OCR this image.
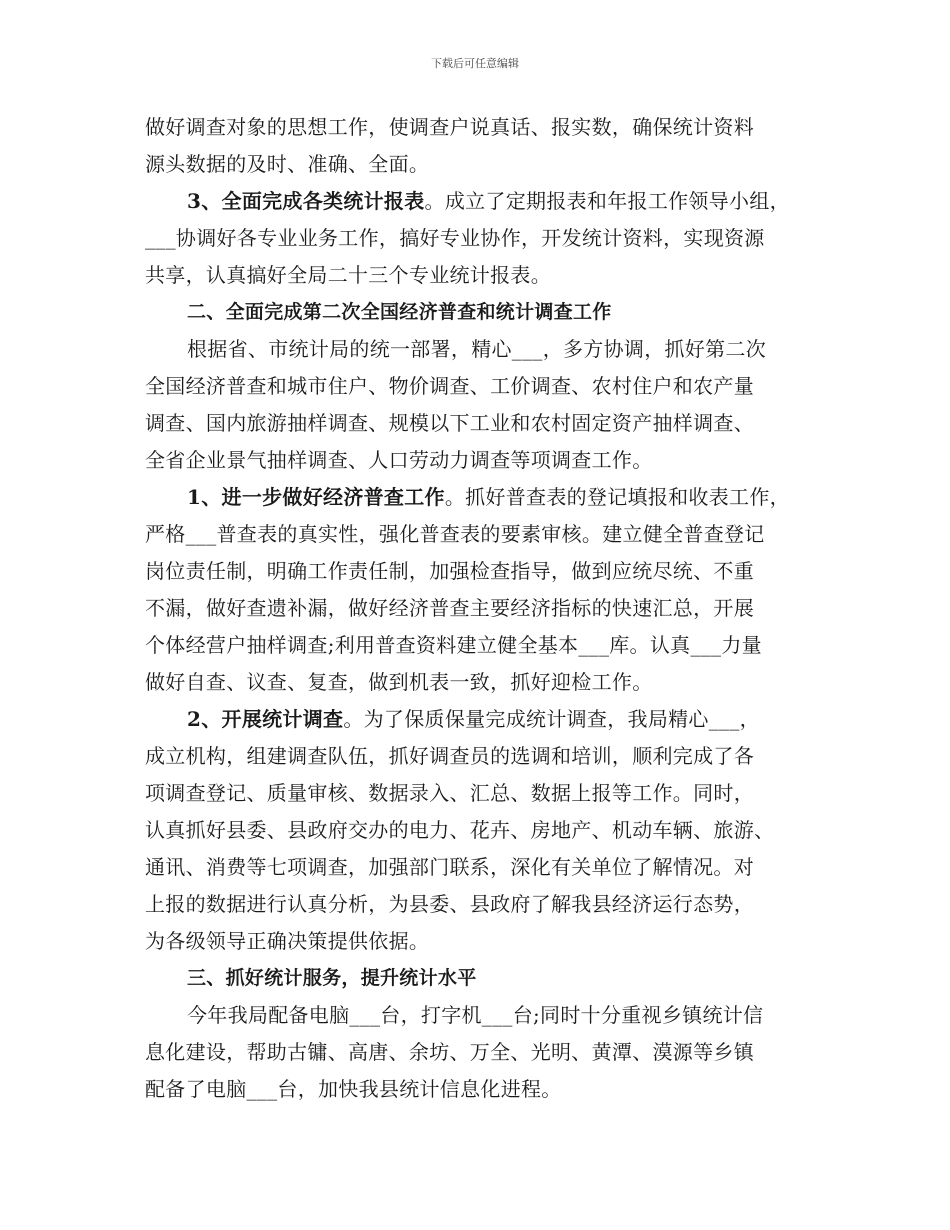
下载后可任意编辑
做好调查对象的思想工作，使调查户说真话、报实数，确保统计资料
源头数据的及时、准确、全面。
3、全面完成各类统计报表。成立了定期报表和年报工作领导小组，
___协调好各专业业务工作，搞好专业协作，开发统计资料，实现资源
共享，认真搞好全局二十三个专业统计报表。
二、全面完成第二次全国经济普查和统计调查工作
根据省、市统计局的统一部署，精心___，多方协调，抓好第二次
全国经济普查和城市住户、物价调查、工价调查、农村住户和农产量
调查、国内旅游抽样调查、规模以下工业和农村固定资产抽样调查、
全省企业景气抽样调查、人口劳动力调查等项调查工作。
1、进一步做好经济普查工作。抓好普查表的登记填报和收表工作，
严格___普查表的真实性，强化普查表的要素审核。建立健全普查登记
岗位责任制，明确工作责任制，加强检查指导，做到应统尽统、不重
不漏，做好查遗补漏，做好经济普查主要经济指标的快速汇总，开展
个体经营户抽样调查;利用普查资料建立健全基本___库。认真___力量
做好自查、议查、复查，做到机表一致，抓好迎检工作。
2、开展统计调查。为了保质保量完成统计调查，我局精心___，
成立机构，组建调查队伍，抓好调查员的选调和培训，顺利完成了各
项调查登记、质量审核、数据录入、汇总、数据上报等工作。同时，
认真抓好县委、县政府交办的电力、花卉、房地产、机动车辆、旅游、
通讯、消费等七项调查，加强部门联系，深化有关单位了解情况。对
上报的数据进行认真分析，为县委、县政府了解我县经济运行态势，
为各级领导正确决策提供依据。
三、抓好统计服务，提升统计水平
今年我局配备电脑___台，打字机___台;同时十分重视乡镇统计信
息化建设，帮助古镛、高唐、余坊、万全、光明、黄潭、漠源等乡镇
配备了电脑___台，加快我县统计信息化进程。
